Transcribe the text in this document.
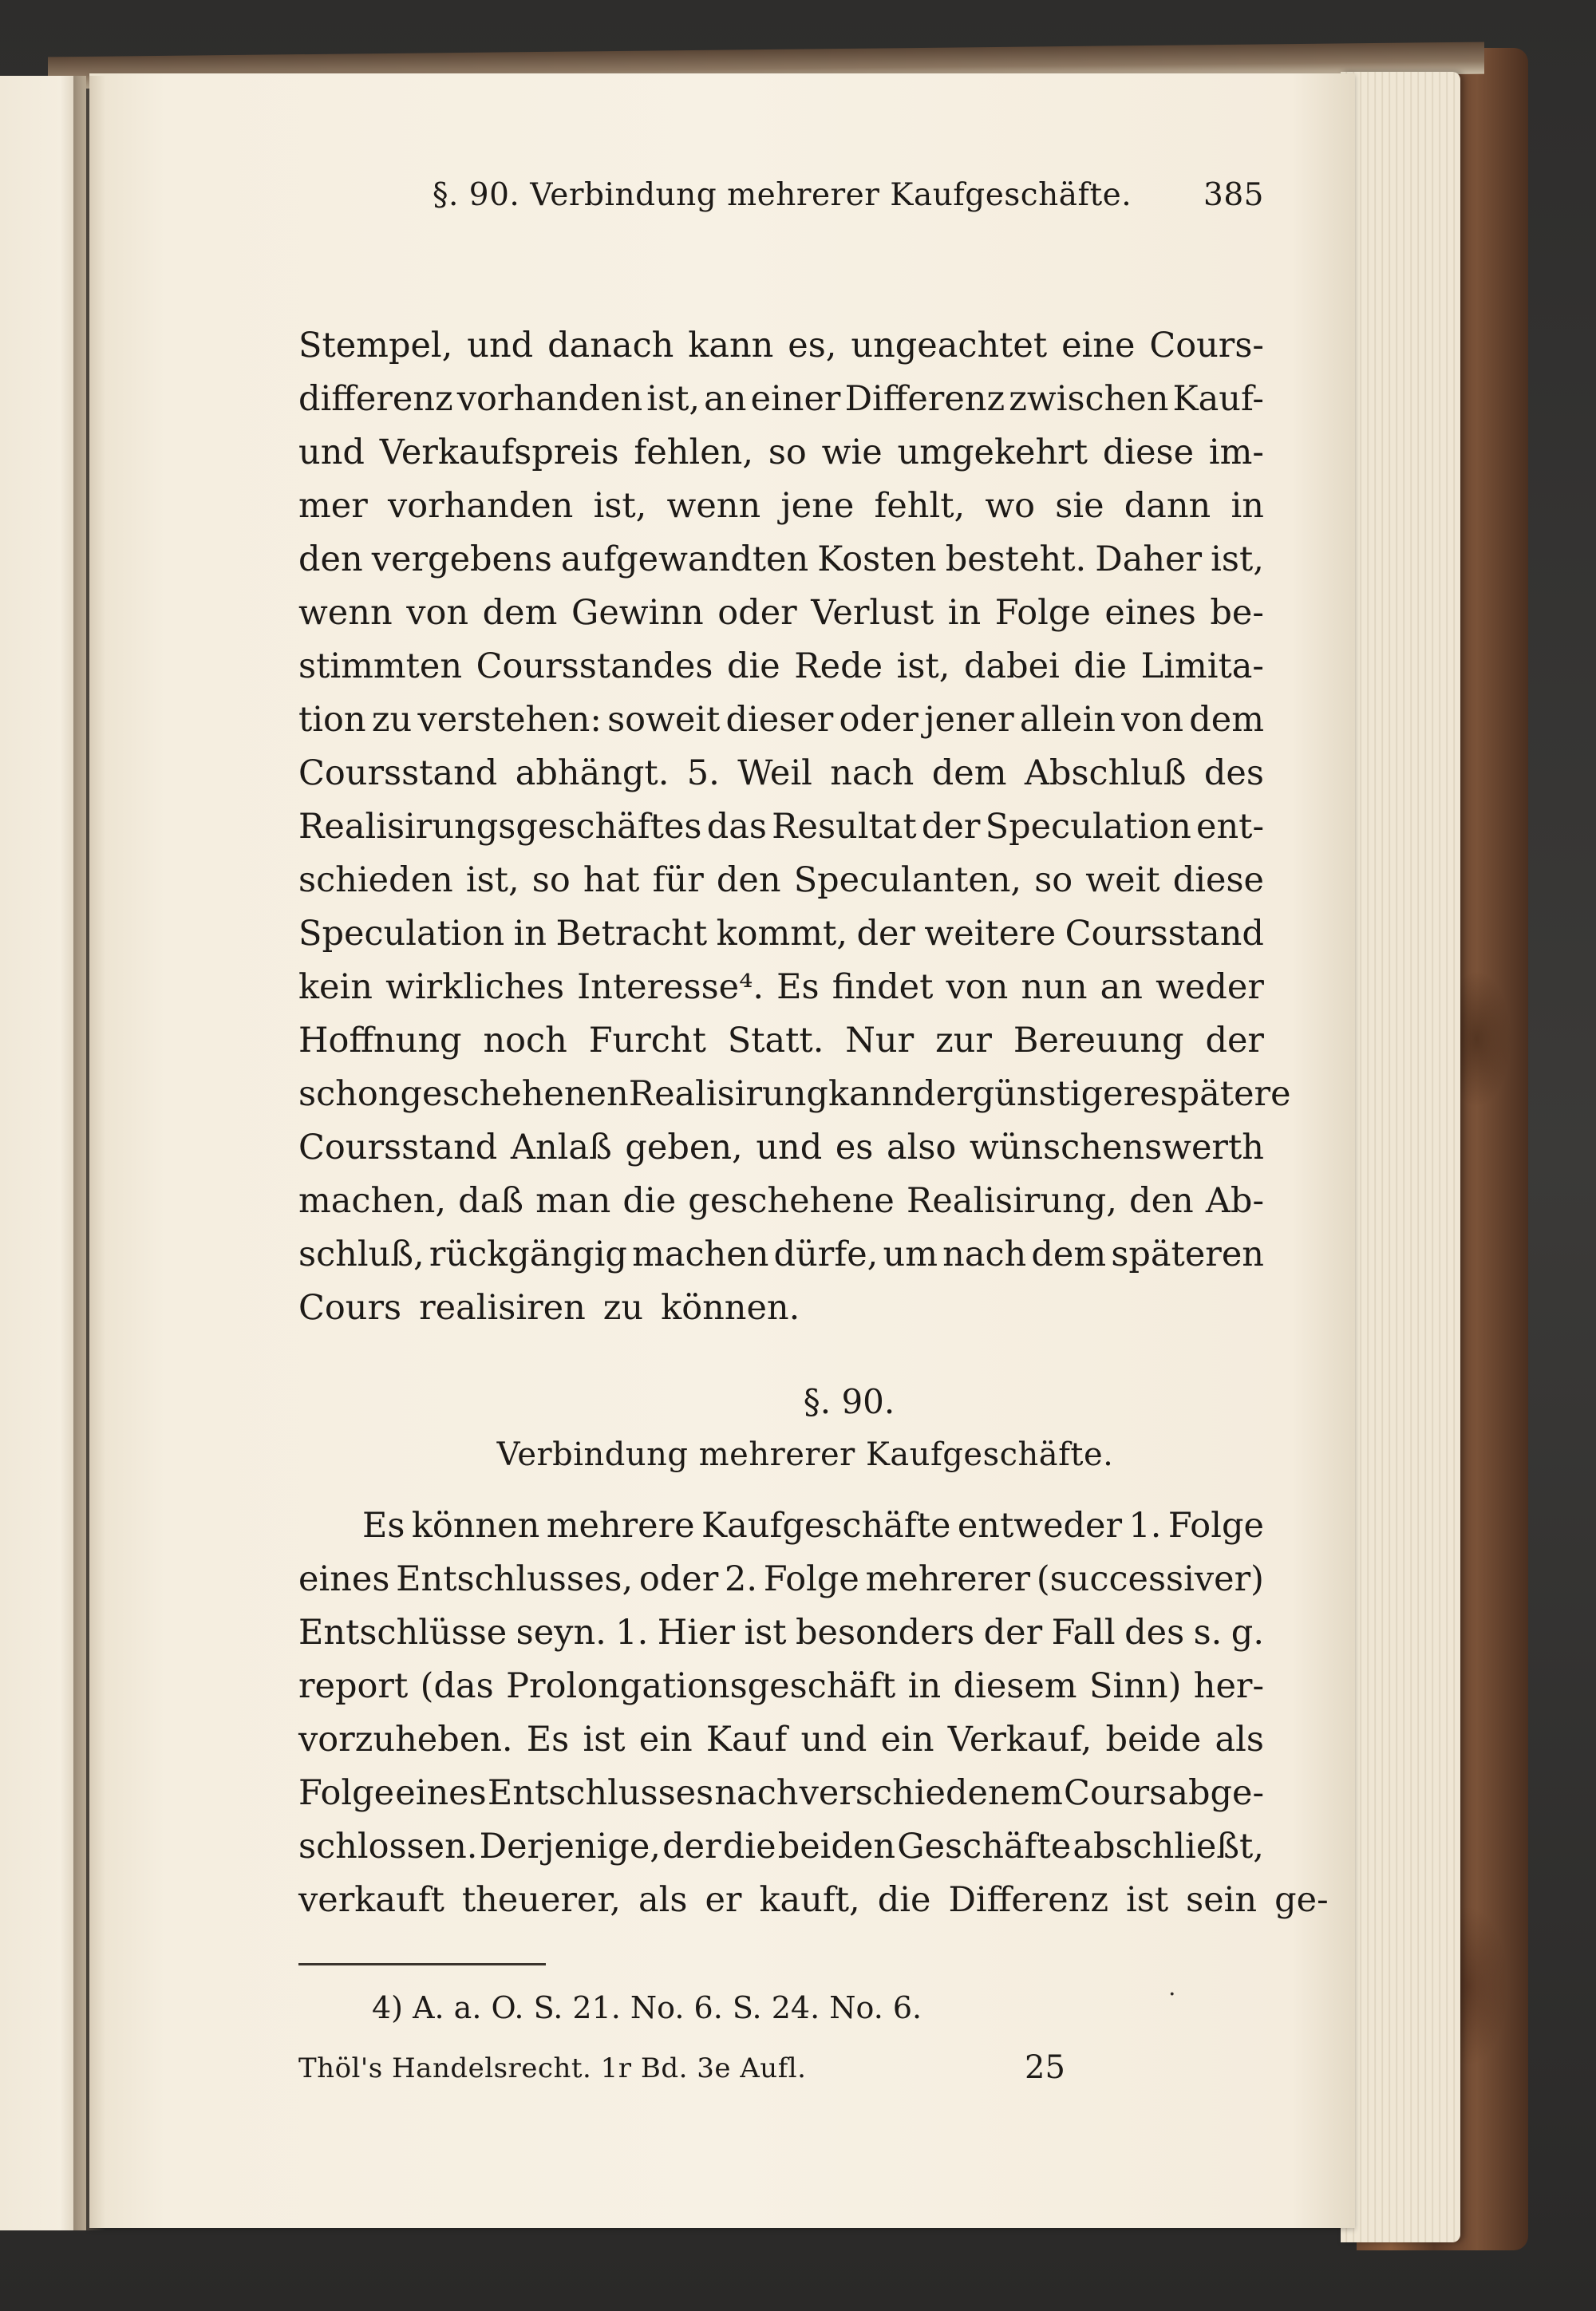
§. 90. Verbindung mehrerer Kaufgeschäfte. 385
Stempel, und danach kann es, ungeachtet eine Cours-
differenz vorhanden ist, an einer Differenz zwischen Kauf-
und Verkaufspreis fehlen, so wie umgekehrt diese im-
mer vorhanden ist, wenn jene fehlt, wo sie dann in
den vergebens aufgewandten Kosten besteht. Daher ist,
wenn von dem Gewinn oder Verlust in Folge eines be-
stimmten Coursstandes die Rede ist, dabei die Limita-
tion zu verstehen: soweit dieser oder jener allein von dem
Coursstand abhängt. 5. Weil nach dem Abschluß des
Realisirungsgeschäftes das Resultat der Speculation ent-
schieden ist, so hat für den Speculanten, so weit diese
Speculation in Betracht kommt, der weitere Coursstand
kein wirkliches Interesse⁴. Es findet von nun an weder
Hoffnung noch Furcht Statt. Nur zur Bereuung der
schon geschehenen Realisirung kann der günstigere spätere
Coursstand Anlaß geben, und es also wünschenswerth
machen, daß man die geschehene Realisirung, den Ab-
schluß, rückgängig machen dürfe, um nach dem späteren
Cours realisiren zu können.
§. 90.
Verbindung mehrerer Kaufgeschäfte.
Es können mehrere Kaufgeschäfte entweder 1. Folge
eines Entschlusses, oder 2. Folge mehrerer (successiver)
Entschlüsse seyn. 1. Hier ist besonders der Fall des s. g.
report (das Prolongationsgeschäft in diesem Sinn) her-
vorzuheben. Es ist ein Kauf und ein Verkauf, beide als
Folge eines Entschlusses nach verschiedenem Cours abge-
schlossen. Derjenige, der die beiden Geschäfte abschließt,
verkauft theuerer, als er kauft, die Differenz ist sein ge-
4) A. a. O. S. 21. No. 6. S. 24. No. 6.	·
Thöl's Handelsrecht. 1r Bd. 3e Aufl.	25
